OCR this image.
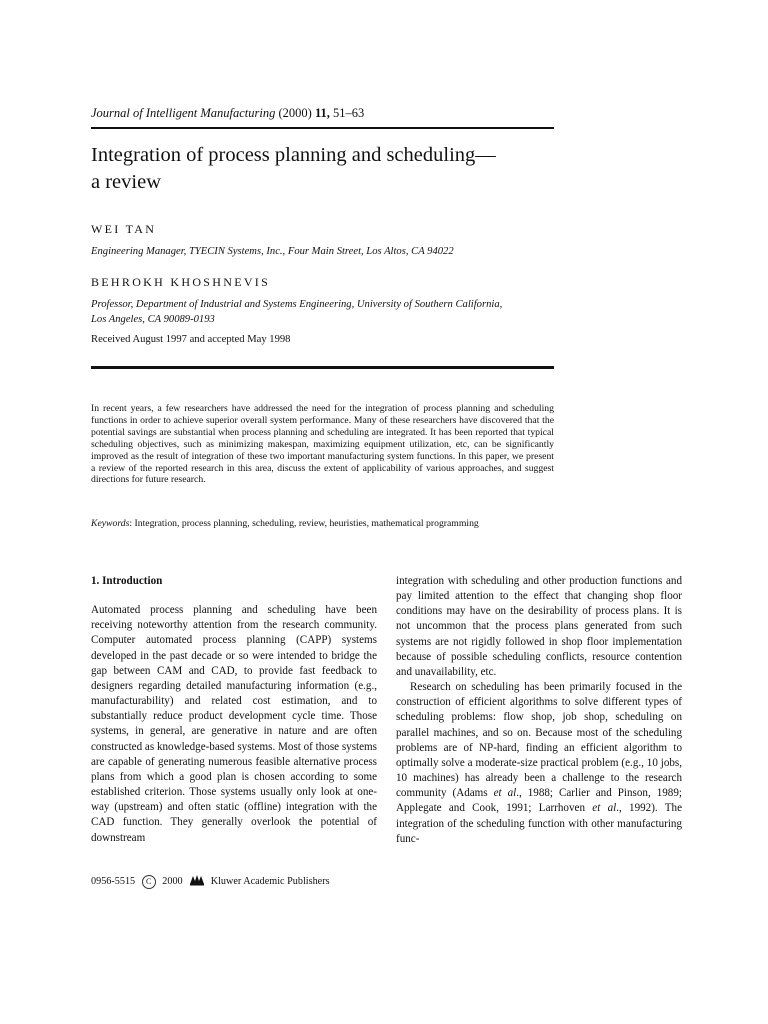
Journal of Intelligent Manufacturing (2000) 11, 51–63
Integration of process planning and scheduling—
a review
WEI TAN
Engineering Manager, TYECIN Systems, Inc., Four Main Street, Los Altos, CA 94022
BEHROKH KHOSHNEVIS
Professor, Department of Industrial and Systems Engineering, University of Southern California,
Los Angeles, CA 90089-0193
Received August 1997 and accepted May 1998
In recent years, a few researchers have addressed the need for the integration of process planning and scheduling functions in order to achieve superior overall system performance. Many of these researchers have discovered that the potential savings are substantial when process planning and scheduling are integrated. It has been reported that typical scheduling objectives, such as minimizing makespan, maximizing equipment utilization, etc, can be significantly improved as the result of integration of these two important manufacturing system functions. In this paper, we present a review of the reported research in this area, discuss the extent of applicability of various approaches, and suggest directions for future research.
Keywords: Integration, process planning, scheduling, review, heuristies, mathematical programming
1. Introduction

Automated process planning and scheduling have been receiving noteworthy attention from the research community. Computer automated process planning (CAPP) systems developed in the past decade or so were intended to bridge the gap between CAM and CAD, to provide fast feedback to designers regarding detailed manufacturing information (e.g., manufacturability) and related cost estimation, and to substantially reduce product development cycle time. Those systems, in general, are generative in nature and are often constructed as knowledge-based systems. Most of those systems are capable of generating numerous feasible alternative process plans from which a good plan is chosen according to some established criterion. Those systems usually only look at one-way (upstream) and often static (offline) integration with the CAD function. They generally overlook the potential of downstream

integration with scheduling and other production functions and pay limited attention to the effect that changing shop floor conditions may have on the desirability of process plans. It is not uncommon that the process plans generated from such systems are not rigidly followed in shop floor implementation because of possible scheduling conflicts, resource contention and unavailability, etc.

Research on scheduling has been primarily focused in the construction of efficient algorithms to solve different types of scheduling problems: flow shop, job shop, scheduling on parallel machines, and so on. Because most of the scheduling problems are of NP-hard, finding an efficient algorithm to optimally solve a moderate-size practical problem (e.g., 10 jobs, 10 machines) has already been a challenge to the research community (Adams et al., 1988; Carlier and Pinson, 1989; Applegate and Cook, 1991; Larrhoven et al., 1992). The integration of the scheduling function with other manufacturing func-

0956-5515 C 2000	Kluwer Academic Publishers
